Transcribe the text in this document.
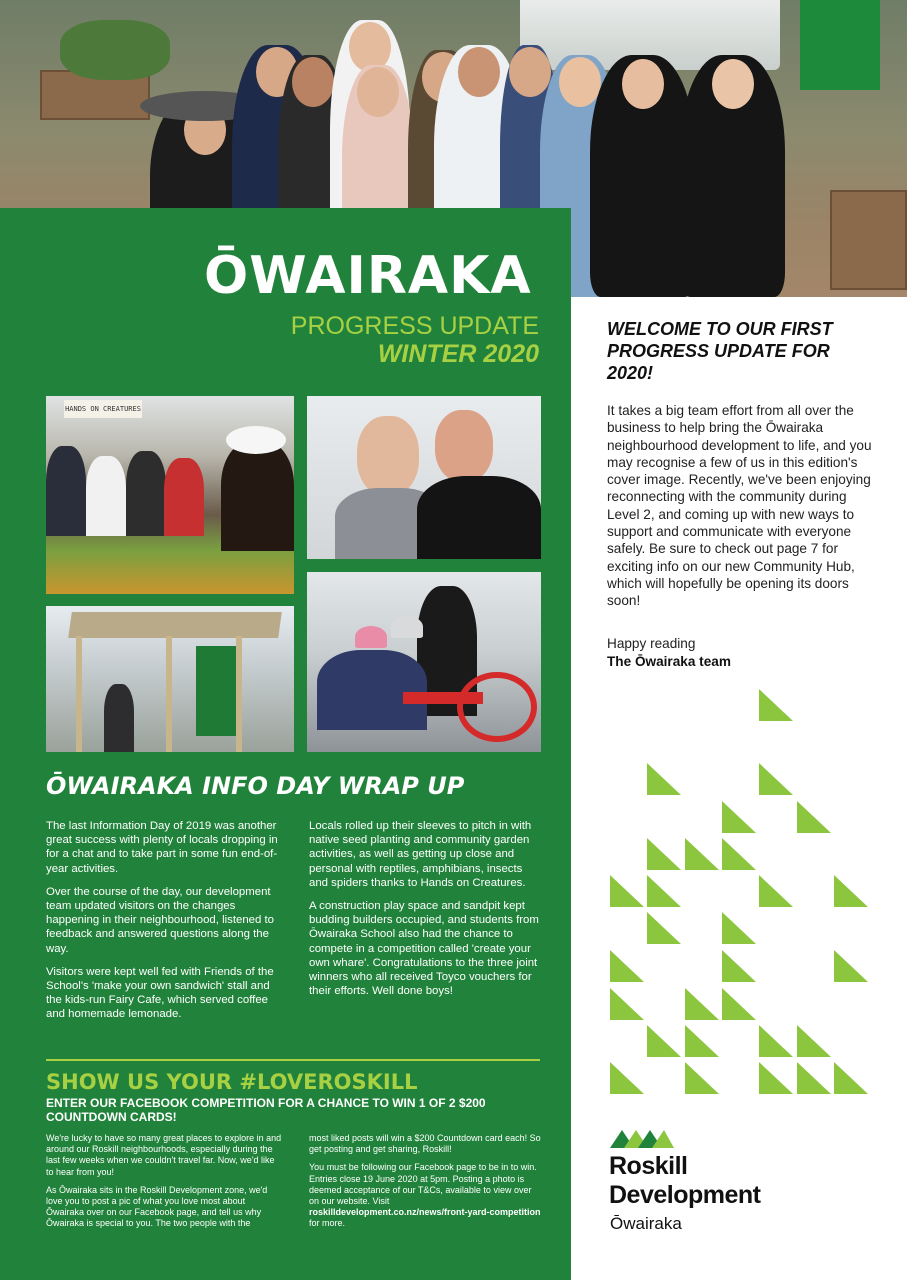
ŌWAIRAKA
PROGRESS UPDATE
WINTER 2020
HANDS ON CREATURES
ŌWAIRAKA INFO DAY WRAP UP

The last Information Day of 2019 was another great success with plenty of locals dropping in for a chat and to take part in some fun end-of-year activities.

Over the course of the day, our development team updated visitors on the changes happening in their neighbourhood, listened to feedback and answered questions along the way.

Visitors were kept well fed with Friends of the School's 'make your own sandwich' stall and the kids-run Fairy Cafe, which served coffee and homemade lemonade.

Locals rolled up their sleeves to pitch in with native seed planting and community garden activities, as well as getting up close and personal with reptiles, amphibians, insects and spiders thanks to Hands on Creatures.

A construction play space and sandpit kept budding builders occupied, and students from Ōwairaka School also had the chance to compete in a competition called 'create your own whare'. Congratulations to the three joint winners who all received Toyco vouchers for their efforts. Well done boys!

SHOW US YOUR #LOVEROSKILL
ENTER OUR FACEBOOK COMPETITION FOR A CHANCE TO WIN 1 OF 2 $200 COUNTDOWN CARDS!

We're lucky to have so many great places to explore in and around our Roskill neighbourhoods, especially during the last few weeks when we couldn't travel far. Now, we'd like to hear from you!

As Ōwairaka sits in the Roskill Development zone, we'd love you to post a pic of what you love most about Ōwairaka over on our Facebook page, and tell us why Ōwairaka is special to you. The two people with the

most liked posts will win a $200 Countdown card each! So get posting and get sharing, Roskill!

You must be following our Facebook page to be in to win. Entries close 19 June 2020 at 5pm. Posting a photo is deemed acceptance of our T&Cs, available to view over on our website. Visit roskilldevelopment.co.nz/news/front-yard-competition for more.

WELCOME TO OUR FIRST PROGRESS UPDATE FOR 2020!
It takes a big team effort from all over the business to help bring the Ōwairaka neighbourhood development to life, and you may recognise a few of us in this edition's cover image. Recently, we've been enjoying reconnecting with the community during Level 2, and coming up with new ways to support and communicate with everyone safely. Be sure to check out page 7 for exciting info on our new Community Hub, which will hopefully be opening its doors soon!
Happy reading
The Ōwairaka team
Roskill
Development
Ōwairaka
